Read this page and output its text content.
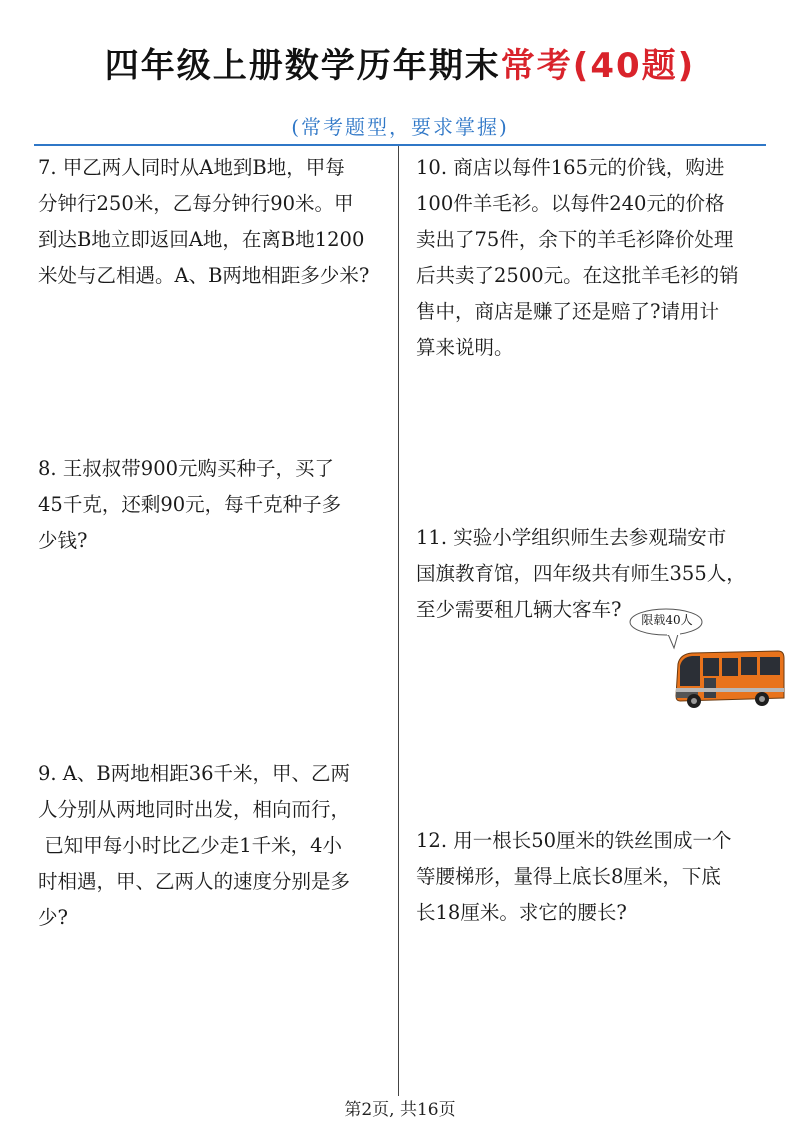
四年级上册数学历年期末常考(40题)
(常考题型，要求掌握)

7. 甲乙两人同时从A地到B地，甲每
分钟行250米，乙每分钟行90米。甲
到达B地立即返回A地，在离B地1200
米处与乙相遇。A、B两地相距多少米?

8. 王叔叔带900元购买种子，买了
45千克，还剩90元，每千克种子多
少钱?

9. A、B两地相距36千米，甲、乙两
人分别从两地同时出发，相向而行，
已知甲每小时比乙少走1千米，4小
时相遇，甲、乙两人的速度分别是多
少?

10. 商店以每件165元的价钱，购进
100件羊毛衫。以每件240元的价格
卖出了75件，余下的羊毛衫降价处理
后共卖了2500元。在这批羊毛衫的销
售中，商店是赚了还是赔了?请用计
算来说明。

11. 实验小学组织师生去参观瑞安市
国旗教育馆，四年级共有师生355人，
至少需要租几辆大客车?

12. 用一根长50厘米的铁丝围成一个
等腰梯形，量得上底长8厘米，下底
长18厘米。求它的腰长?

限载40人
第2页, 共16页
